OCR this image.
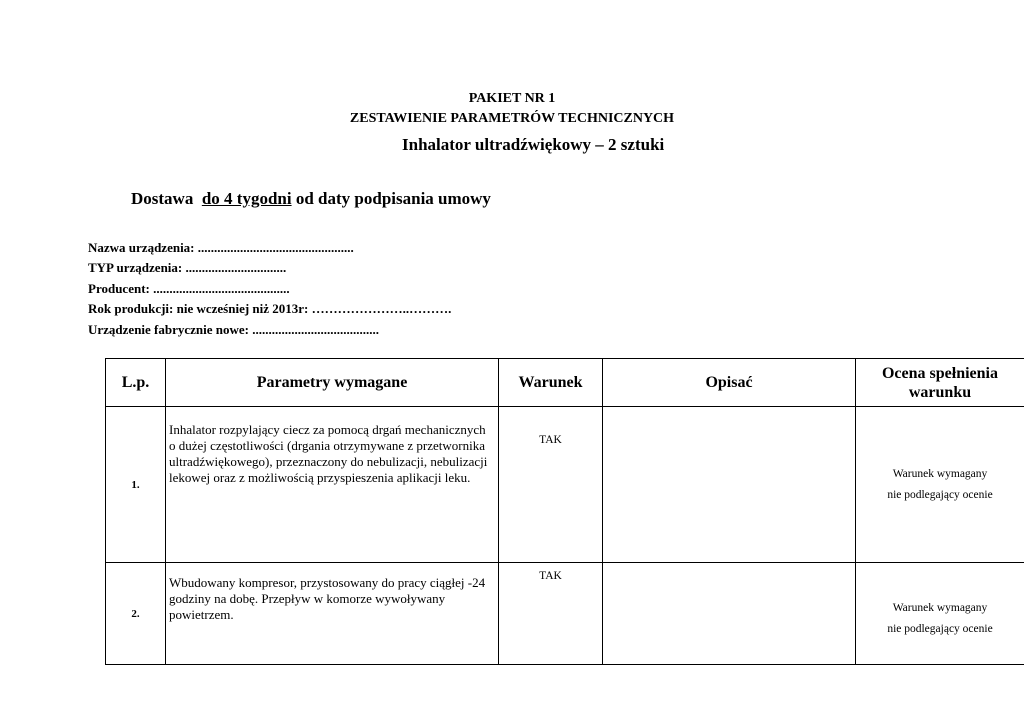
PAKIET NR 1
ZESTAWIENIE PARAMETRÓW TECHNICZNYCH
Inhalator ultradźwiękowy – 2 sztuki
Dostawa do 4 tygodni od daty podpisania umowy
Nazwa urządzenia: ................................................
TYP urządzenia: ...............................
Producent: ..........................................
Rok produkcji: nie wcześniej niż 2013r: …………………..……….
Urządzenie fabrycznie nowe: .......................................
L.p.	Parametry wymagane	Warunek	Opisać	Ocena spełnienia warunku
1.	Inhalator rozpylający ciecz za pomocą drgań mechanicznych o dużej częstotliwości (drgania otrzymywane z przetwornika ultradźwiękowego), przeznaczony do nebulizacji, nebulizacji lekowej oraz z możliwością przyspieszenia aplikacji leku.	TAK		Warunek wymagany
nie podlegający ocenie

2.	Wbudowany kompresor, przystosowany do pracy ciągłej -24 godziny na dobę. Przepływ w komorze wywoływany powietrzem.	TAK		Warunek wymagany
nie podlegający ocenie
